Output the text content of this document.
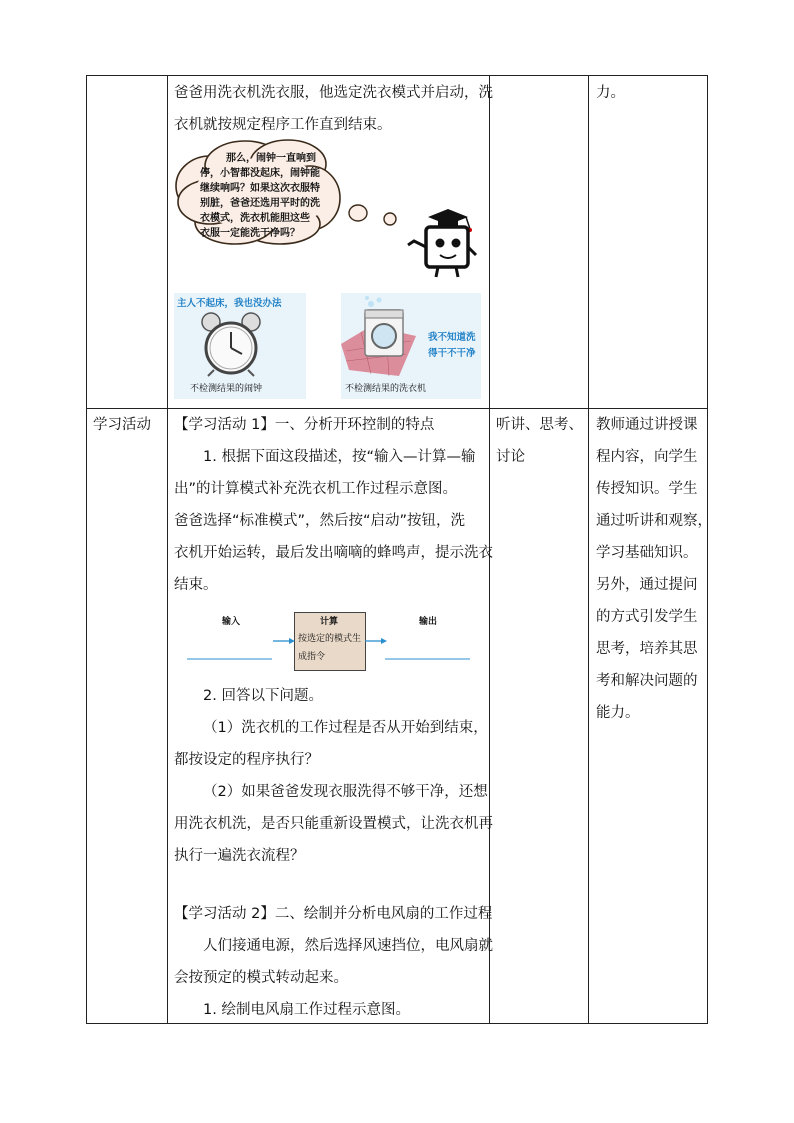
爸爸用洗衣机洗衣服，他选定洗衣模式并启动，洗
衣机就按规定程序工作直到结束。
力。
那么，闹钟一直响到
停，小智都没起床，闹钟能
继续响吗？如果这次衣服特
别脏，爸爸还选用平时的洗
衣模式，洗衣机能胆这些
衣服一定能洗干净吗？
主人不起床，我也没办法
不检测结果的闹钟
我不知道洗
得干不干净
不检测结果的洗衣机
学习活动 【学习活动 1】一、分析开环控制的特点
1. 根据下面这段描述，按“输入—计算—输
出”的计算模式补充洗衣机工作过程示意图。
爸爸选择“标准模式”，然后按“启动”按钮，洗
衣机开始运转，最后发出嘀嘀的蜂鸣声，提示洗衣
结束。
输入	输出
计算
按选定的模式生
成指令
2. 回答以下问题。
（1）洗衣机的工作过程是否从开始到结束，
都按设定的程序执行？
（2）如果爸爸发现衣服洗得不够干净，还想
用洗衣机洗，是否只能重新设置模式，让洗衣机再
执行一遍洗衣流程？
【学习活动 2】二、绘制并分析电风扇的工作过程
人们接通电源，然后选择风速挡位，电风扇就
会按预定的模式转动起来。
1. 绘制电风扇工作过程示意图。
听讲、思考、
讨论
教师通过讲授课
程内容，向学生
传授知识。学生
通过听讲和观察，
学习基础知识。
另外，通过提问
的方式引发学生
思考，培养其思
考和解决问题的
能力。
